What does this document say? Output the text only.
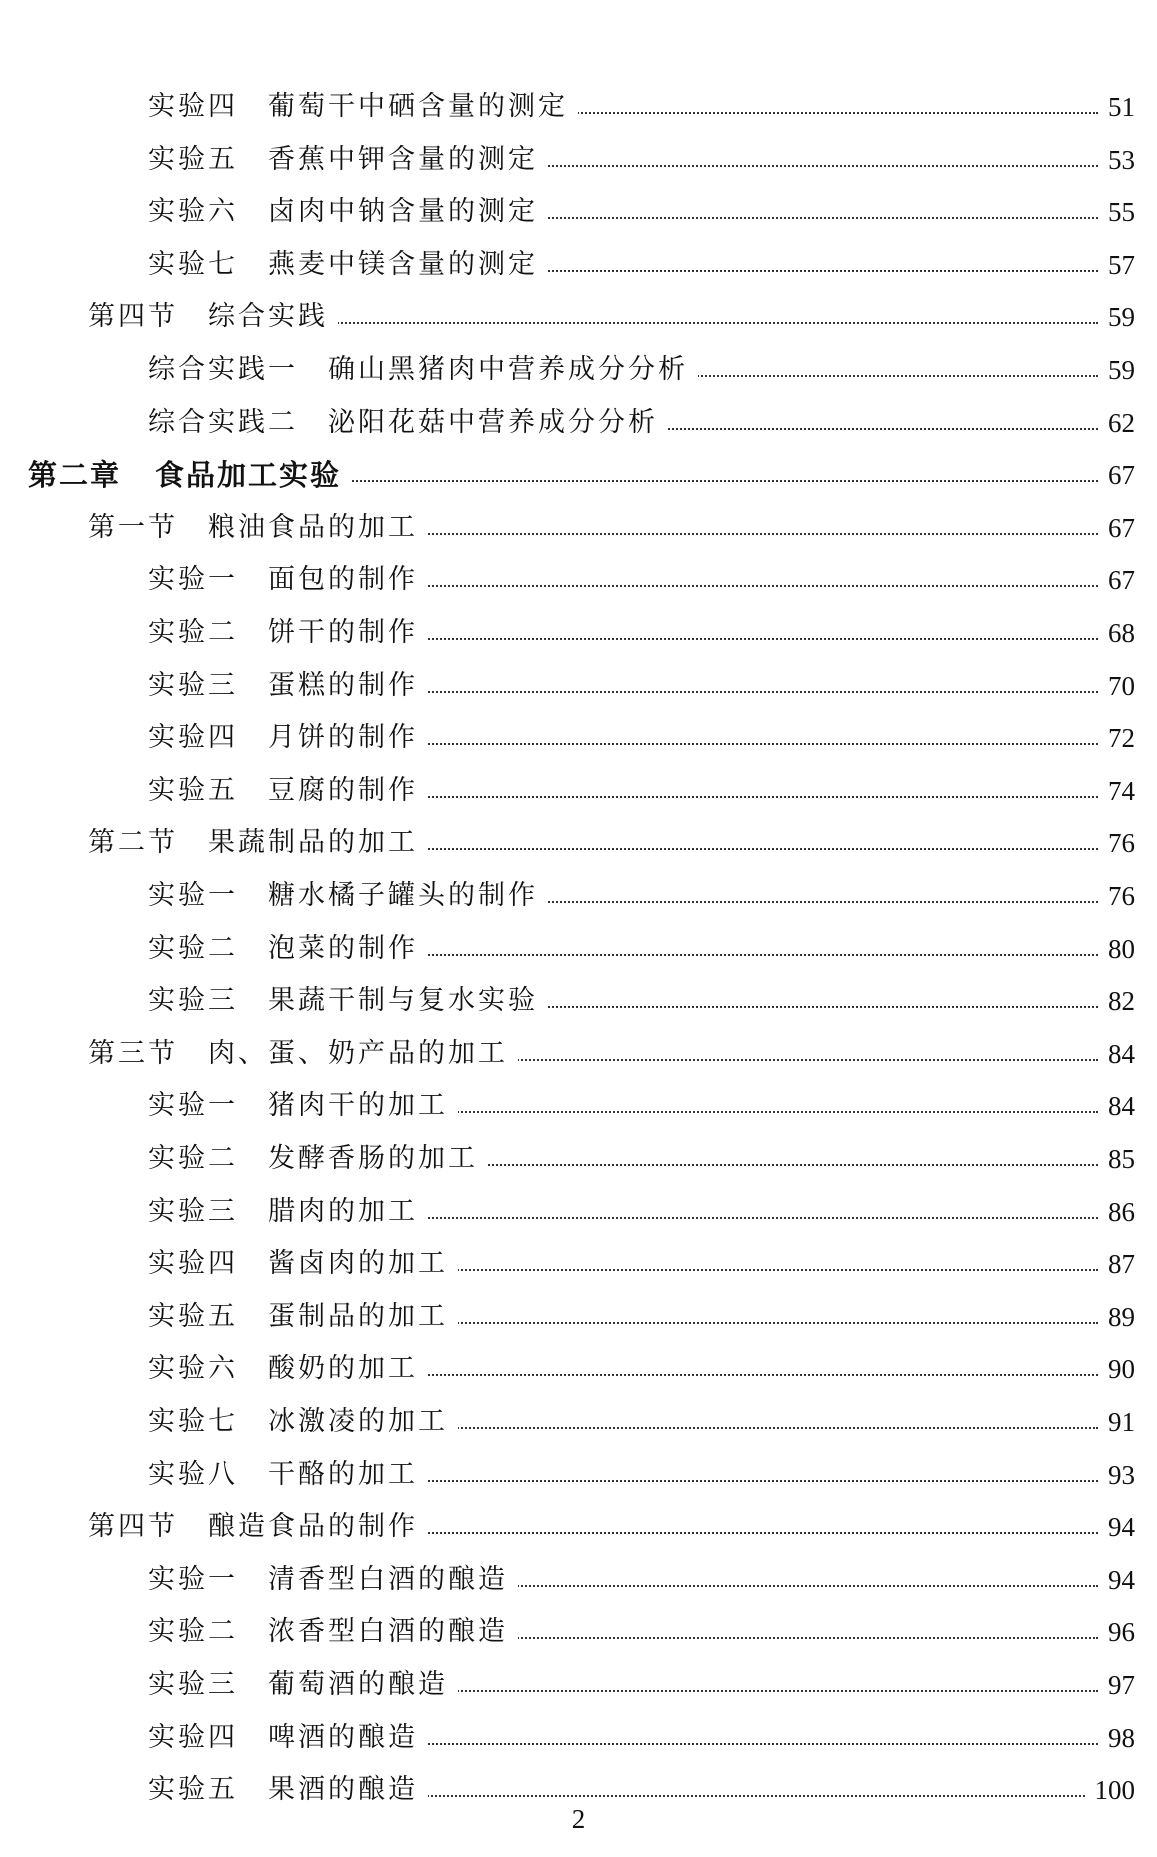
实验四 葡萄干中硒含量的测定	51
实验五 香蕉中钾含量的测定	53
实验六 卤肉中钠含量的测定	55
实验七 燕麦中镁含量的测定	57
第四节 综合实践	59
综合实践一 确山黑猪肉中营养成分分析	59
综合实践二 泌阳花菇中营养成分分析	62
第二章 食品加工实验	67
第一节 粮油食品的加工	67
实验一 面包的制作	67
实验二 饼干的制作	68
实验三 蛋糕的制作	70
实验四 月饼的制作	72
实验五 豆腐的制作	74
第二节 果蔬制品的加工	76
实验一 糖水橘子罐头的制作	76
实验二 泡菜的制作	80
实验三 果蔬干制与复水实验	82
第三节 肉、蛋、奶产品的加工	84
实验一 猪肉干的加工	84
实验二 发酵香肠的加工	85
实验三 腊肉的加工	86
实验四 酱卤肉的加工	87
实验五 蛋制品的加工	89
实验六 酸奶的加工	90
实验七 冰激凌的加工	91
实验八 干酪的加工	93
第四节 酿造食品的制作	94
实验一 清香型白酒的酿造	94
实验二 浓香型白酒的酿造	96
实验三 葡萄酒的酿造	97
实验四 啤酒的酿造	98
实验五 果酒的酿造	100
2
